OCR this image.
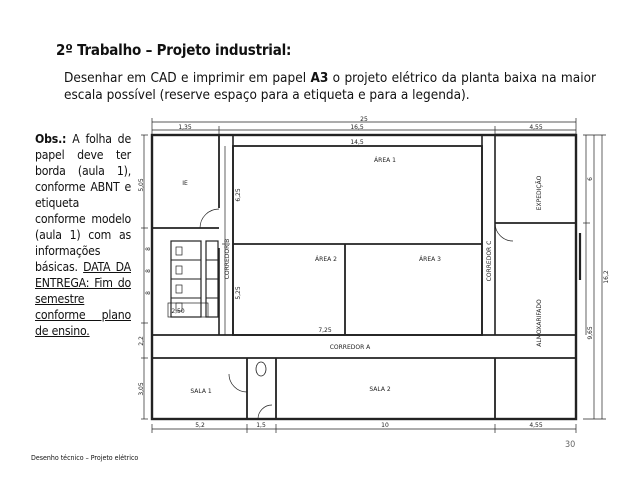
2º Trabalho – Projeto industrial:
Desenhar em CAD e imprimir em papel A3 o projeto elétrico da planta baixa na maior escala possível (reserve espaço para a etiqueta e para a legenda).
Obs.: A folha de papel deve ter borda (aula 1), conforme ABNT e etiqueta conforme modelo (aula 1) com as informações básicas. DATA DA ENTREGA: Fim do semestre conforme plano de ensino.
25
1,35	16,5	4,55
14,5
IE
ÁREA 1
ÁREA 2	ÁREA 3
CORREDOR B	CORREDOR C
CORREDOR A
EXPEDIÇÃO
ALMOXARIFADO
SALA 1	SALA 2
5,05
8
8
8
2,2
3,05
6,25
5,25
6
16,2
9,65
5,2	1,5	10	4,55
7,25
2,50
30
Desenho técnico – Projeto elétrico
